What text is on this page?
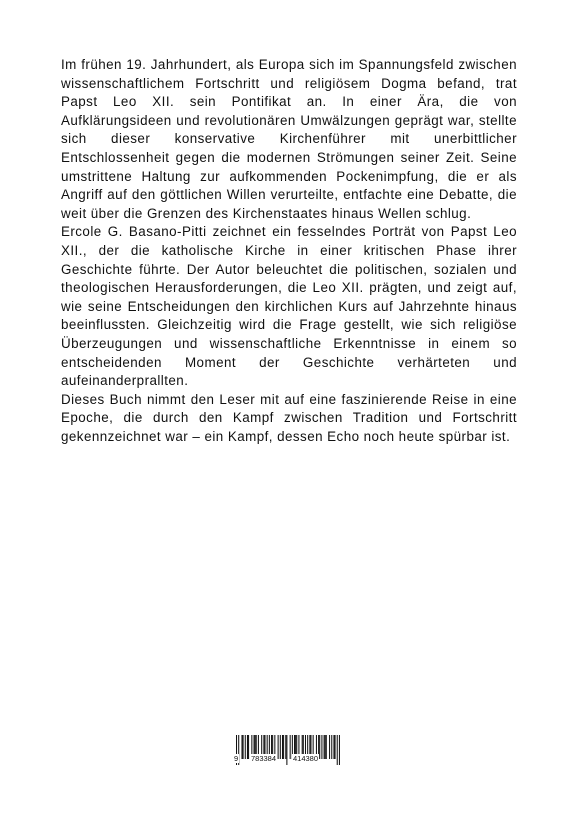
Im frühen 19. Jahrhundert, als Europa sich im Spannungsfeld zwischen wissenschaftlichem Fortschritt und religiösem Dogma befand, trat Papst Leo XII. sein Pontifikat an. In einer Ära, die von Aufklärungsideen und revolutionären Umwälzungen geprägt war, stellte sich dieser konservative Kirchenführer mit unerbittlicher Entschlossenheit gegen die modernen Strömungen seiner Zeit. Seine umstrittene Haltung zur aufkommenden Pockenimpfung, die er als Angriff auf den göttlichen Willen verurteilte, entfachte eine Debatte, die weit über die Grenzen des Kirchenstaates hinaus Wellen schlug.

Ercole G. Basano-Pitti zeichnet ein fesselndes Porträt von Papst Leo XII., der die katholische Kirche in einer kritischen Phase ihrer Geschichte führte. Der Autor beleuchtet die politischen, sozialen und theologischen Herausforderungen, die Leo XII. prägten, und zeigt auf, wie seine Entscheidungen den kirchlichen Kurs auf Jahrzehnte hinaus beeinflussten. Gleichzeitig wird die Frage gestellt, wie sich religiöse Überzeugungen und wissenschaftliche Erkenntnisse in einem so entscheidenden Moment der Geschichte verhärteten und aufeinanderprallten.

Dieses Buch nimmt den Leser mit auf eine faszinierende Reise in eine Epoche, die durch den Kampf zwischen Tradition und Fortschritt gekennzeichnet war – ein Kampf, dessen Echo noch heute spürbar ist.

9 783384 414380
